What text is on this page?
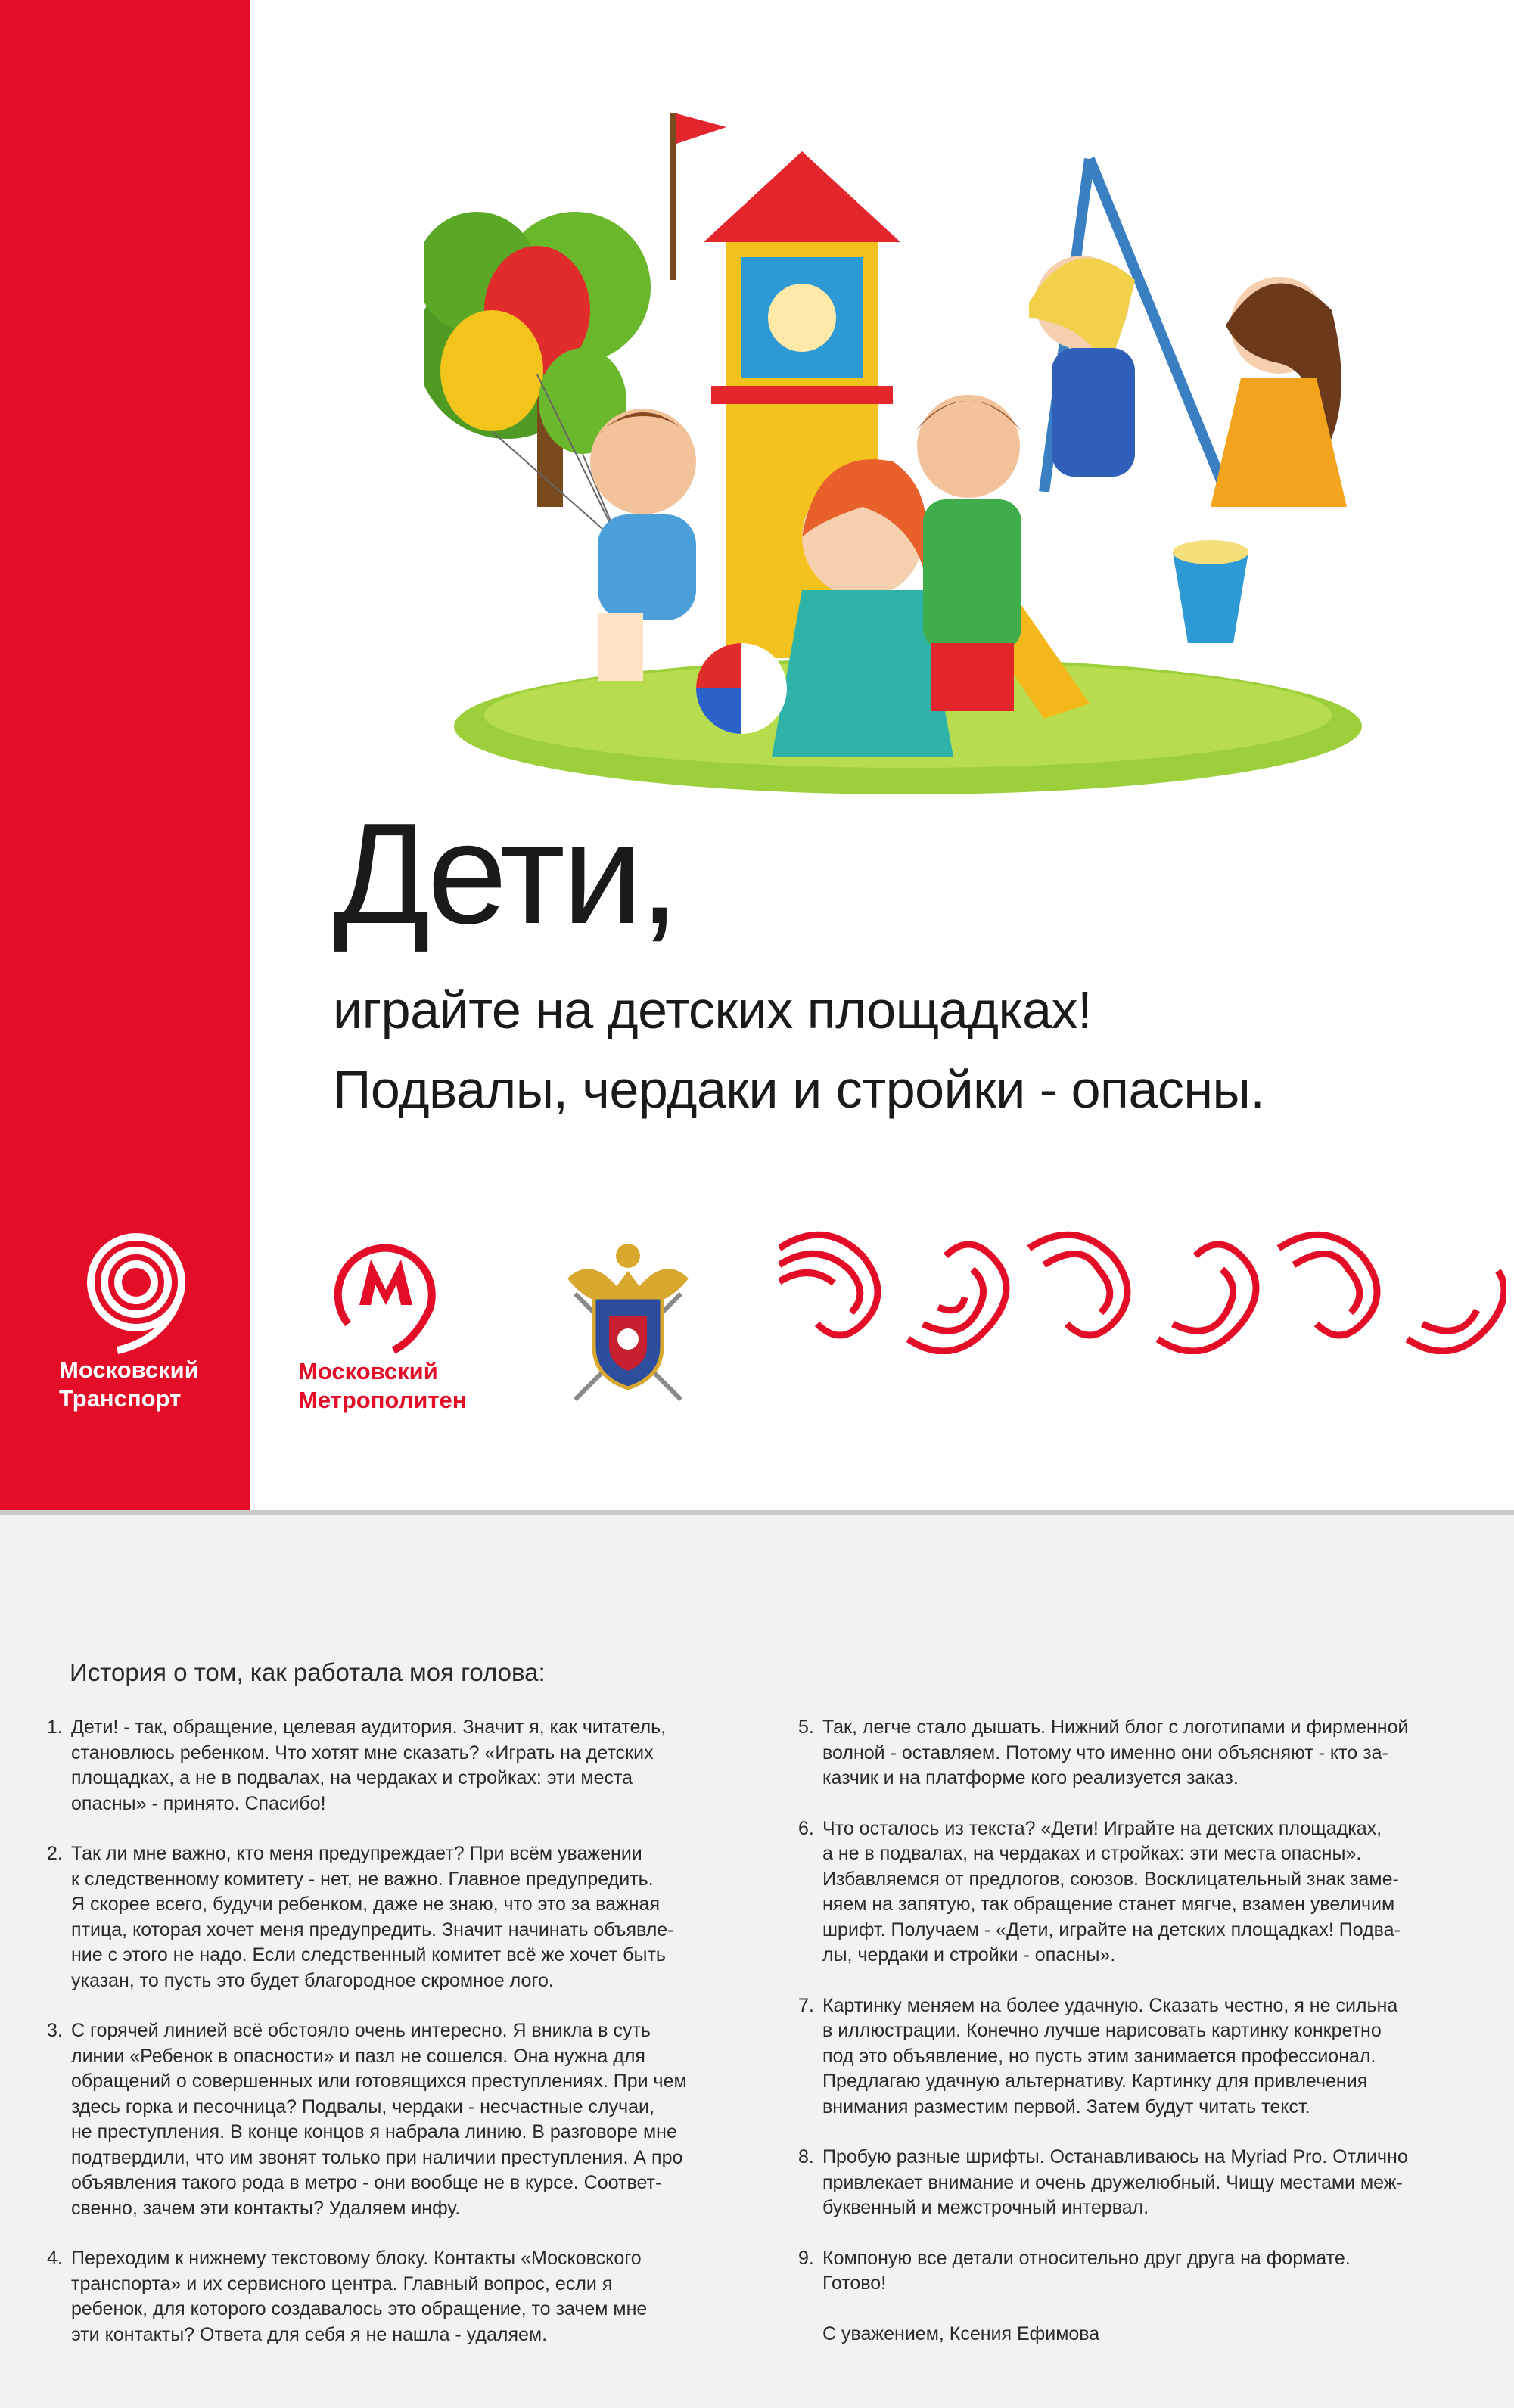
Дети,
играйте на детских площадках!
Подвалы, чердаки и стройки - опасны.
Московский
Транспорт
Московский
Метрополитен
История о том, как работала моя голова:
1. Дети! - так, обращение, целевая аудитория. Значит я, как читатель,
становлюсь ребенком. Что хотят мне сказать? «Играть на детских
площадках, а не в подвалах, на чердаках и стройках: эти места
опасны» - принято. Спасибо!
2. Так ли мне важно, кто меня предупреждает? При всём уважении
к следственному комитету - нет, не важно. Главное предупредить.
Я скорее всего, будучи ребенком, даже не знаю, что это за важная
птица, которая хочет меня предупредить. Значит начинать объявле-
ние с этого не надо. Если следственный комитет всё же хочет быть
указан, то пусть это будет благородное скромное лого.
3. С горячей линией всё обстояло очень интересно. Я вникла в суть
линии «Ребенок в опасности» и пазл не сошелся. Она нужна для
обращений о совершенных или готовящихся преступлениях. При чем
здесь горка и песочница? Подвалы, чердаки - несчастные случаи,
не преступления. В конце концов я набрала линию. В разговоре мне
подтвердили, что им звонят только при наличии преступления. А про
объявления такого рода в метро - они вообще не в курсе. Соответ-
свенно, зачем эти контакты? Удаляем инфу.
4. Переходим к нижнему текстовому блоку. Контакты «Московского
транспорта» и их сервисного центра. Главный вопрос, если я
ребенок, для которого создавалось это обращение, то зачем мне
эти контакты? Ответа для себя я не нашла - удаляем.
5. Так, легче стало дышать. Нижний блог с логотипами и фирменной
волной - оставляем. Потому что именно они объясняют - кто за-
казчик и на платформе кого реализуется заказ.
6. Что осталось из текста? «Дети! Играйте на детских площадках,
а не в подвалах, на чердаках и стройках: эти места опасны».
Избавляемся от предлогов, союзов. Восклицательный знак заме-
няем на запятую, так обращение станет мягче, взамен увеличим
шрифт. Получаем - «Дети, играйте на детских площадках! Подва-
лы, чердаки и стройки - опасны».
7. Картинку меняем на более удачную. Сказать честно, я не сильна
в иллюстрации. Конечно лучше нарисовать картинку конкретно
под это объявление, но пусть этим занимается профессионал.
Предлагаю удачную альтернативу. Картинку для привлечения
внимания разместим первой. Затем будут читать текст.
8. Пробую разные шрифты. Останавливаюсь на Myriad Pro. Отлично
привлекает внимание и очень дружелюбный. Чищу местами меж-
буквенный и межстрочный интервал.
9. Компоную все детали относительно друг друга на формате.
Готово!
С уважением, Ксения Ефимова
